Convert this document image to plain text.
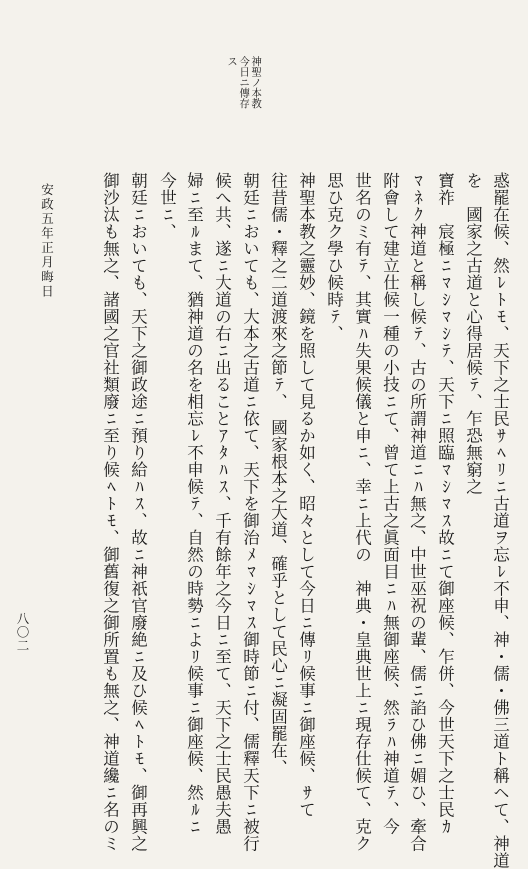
ス 今日ニ傳存 神聖ノ本教
惑罷在候、然ﾚﾄﾓ、天下之士民ｻﾍﾘﾆ古道ヲ忘ﾚ不申、神・儒・佛三道ト稱ヘて、神道
を　國家之古道と心得居候ﾃ、乍恐無窮之
寶祚　宸極ﾆﾏｼﾏｼﾃ、天下ﾆ照臨ﾏｼﾏｽ故ﾆて御座候、乍併、今世天下之士民ｶ
ﾏﾈｸ神道と稱し候ﾃ、古の所謂神道ﾆﾊ無之、中世巫祝の輩、儒ﾆ諂ひ佛ﾆ媚ひ、牽合
附會して建立仕候一種の小技ﾆて、曾て上古之眞面目ﾆﾊ無御座候、然ﾗﾊ神道ﾃ、今
世名のミ有ﾃ、其實ﾊ失果候儀と申ﾆ、幸ﾆ上代の　神典・皇典世上ﾆ現存仕候て、克ク
思ひ克ク學ひ候時ﾃ、
神聖本教之靈妙、鏡を照して見るか如く、昭々として今日ﾆ傳ﾘ候事ﾆ御座候、ｻて
往昔儒・釋之二道渡來之節ﾃ、　國家根本之大道、確乎として民心ﾆ凝固罷在、
朝廷ﾆおいても、大本之古道ﾆ依て、天下を御治ﾒﾏｼﾏｽ御時節ﾆ付、儒釋天下ﾆ被行
候へ共、遂ﾆ大道の右ﾆ出ることｱﾀﾊｽ、千有餘年之今日ﾆ至て、天下之士民愚夫愚
婦ﾆ至ﾙまて、猶神道の名を相忘ﾚ不申候ﾃ、自然の時勢ﾆよﾘ候事ﾆ御座候、然ﾙﾆ
今世ﾆ、
朝廷ﾆおいても、天下之御政途ﾆ預り給ﾊｽ、故ﾆ神祇官廢絶ﾆ及ひ候ﾍﾄﾓ、御再興之
御沙汰も無之、諸國之官社類廢ﾆ至り候ﾍﾄﾓ、御舊復之御所置も無之、神道纔ﾆ名のミ
安政五年正月晦日
八〇二
